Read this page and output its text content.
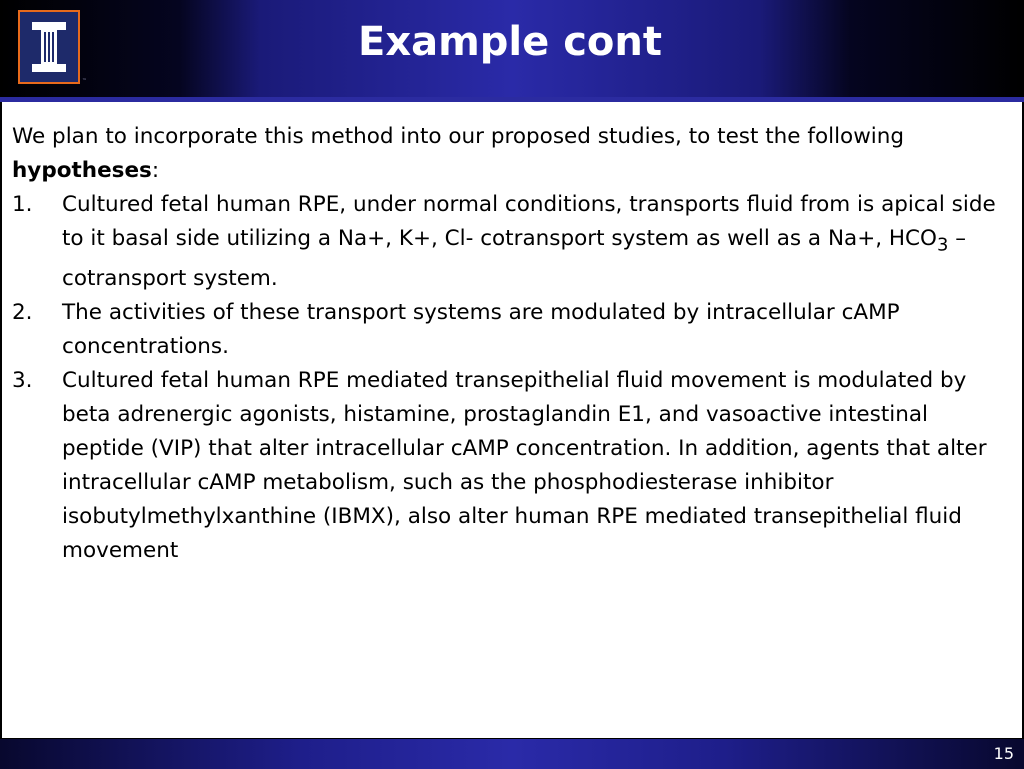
™
Example cont

We plan to incorporate this method into our proposed studies, to test the following hypotheses:

1. Cultured fetal human RPE, under normal conditions, transports fluid from is apical side to it basal side utilizing a Na+, K+, Cl- cotransport system as well as a Na+, $HCO_3$ – cotransport system.
2. The activities of these transport systems are modulated by intracellular cAMP concentrations.
3. Cultured fetal human RPE mediated transepithelial fluid movement is modulated by beta adrenergic agonists, histamine, prostaglandin E1, and vasoactive intestinal peptide (VIP) that alter intracellular cAMP concentration. In addition, agents that alter intracellular cAMP metabolism, such as the phosphodiesterase inhibitor isobutylmethylxanthine (IBMX), also alter human RPE mediated transepithelial fluid movement
15
